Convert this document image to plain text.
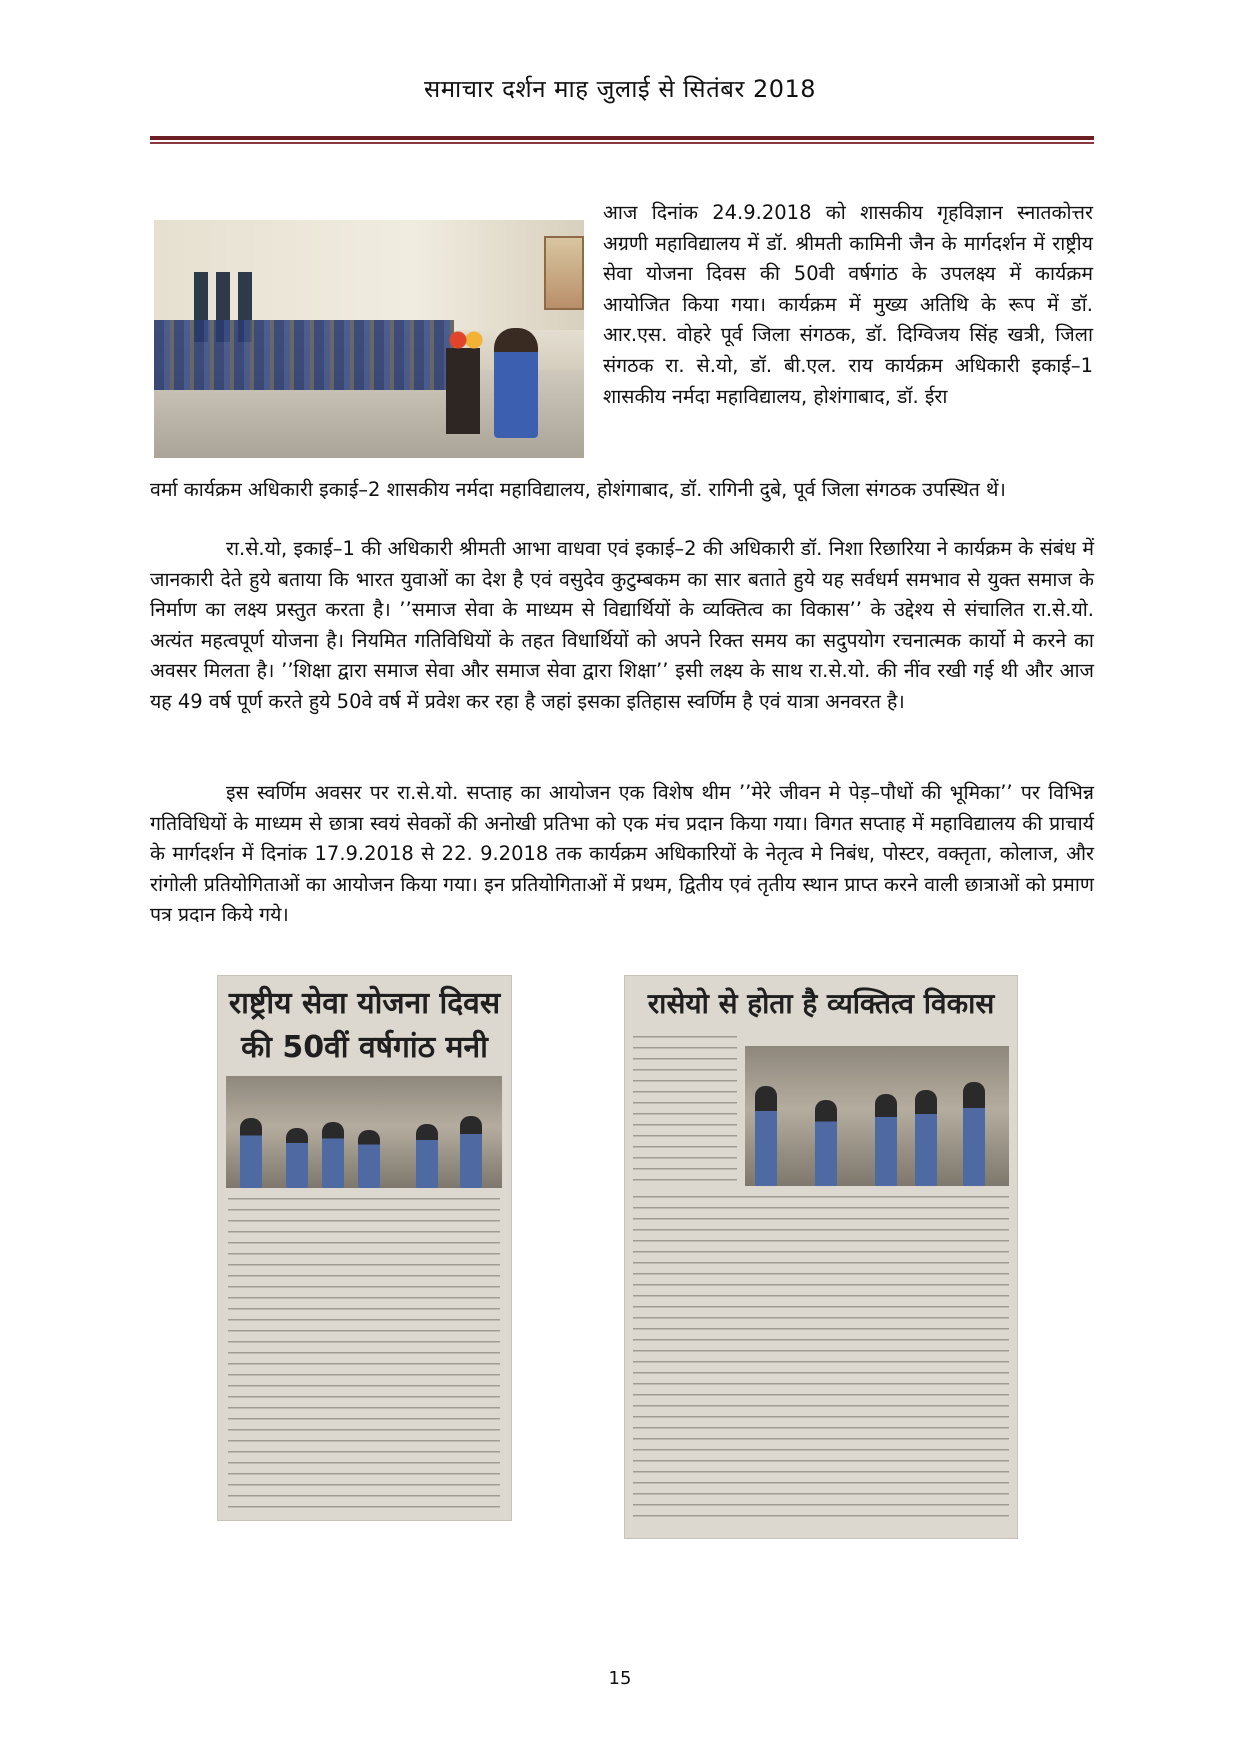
समाचार दर्शन माह जुलाई से सितंबर 2018

आज दिनांक 24.9.2018 को शासकीय गृहविज्ञान स्नातकोत्तर अग्रणी महाविद्यालय में डॉ. श्रीमती कामिनी जैन के मार्गदर्शन में राष्ट्रीय सेवा योजना दिवस की 50वी वर्षगांठ के उपलक्ष्य में कार्यक्रम आयोजित किया गया। कार्यक्रम में मुख्य अतिथि के रूप में डॉ. आर.एस. वोहरे पूर्व जिला संगठक, डॉ. दिग्विजय सिंह खत्री, जिला संगठक रा. से.यो, डॉ. बी.एल. राय कार्यक्रम अधिकारी इकाई–1 शासकीय नर्मदा महाविद्यालय, होशंगाबाद, डॉ. ईरा

वर्मा कार्यक्रम अधिकारी इकाई–2 शासकीय नर्मदा महाविद्यालय, होशंगाबाद, डॉ. रागिनी दुबे, पूर्व जिला संगठक उपस्थित थें।

रा.से.यो, इकाई–1 की अधिकारी श्रीमती आभा वाधवा एवं इकाई–2 की अधिकारी डॉ. निशा रिछारिया ने कार्यक्रम के संबंध में जानकारी देते हुये बताया कि भारत युवाओं का देश है एवं वसुदेव कुटुम्बकम का सार बताते हुये यह सर्वधर्म समभाव से युक्त समाज के निर्माण का लक्ष्य प्रस्तुत करता है। ’’समाज सेवा के माध्यम से विद्यार्थियों के व्यक्तित्व का विकास’’ के उद्देश्य से संचालित रा.से.यो. अत्यंत महत्वपूर्ण योजना है। नियमित गतिविधियों के तहत विधार्थियों को अपने रिक्त समय का सदुपयोग रचनात्मक कार्यो मे करने का अवसर मिलता है। ’’शिक्षा द्वारा समाज सेवा और समाज सेवा द्वारा शिक्षा’’ इसी लक्ष्य के साथ रा.से.यो. की नींव रखी गई थी और आज यह 49 वर्ष पूर्ण करते हुये 50वे वर्ष में प्रवेश कर रहा है जहां इसका इतिहास स्वर्णिम है एवं यात्रा अनवरत है।

इस स्वर्णिम अवसर पर रा.से.यो. सप्ताह का आयोजन एक विशेष थीम ’’मेरे जीवन मे पेड़–पौधों की भूमिका’’ पर विभिन्न गतिविधियों के माध्यम से छात्रा स्वयं सेवकों की अनोखी प्रतिभा को एक मंच प्रदान किया गया। विगत सप्ताह में महाविद्यालय की प्राचार्य के मार्गदर्शन में दिनांक 17.9.2018 से 22. 9.2018 तक कार्यक्रम अधिकारियों के नेतृत्व मे निबंध, पोस्टर, वक्तृता, कोलाज, और रांगोली प्रतियोगिताओं का आयोजन किया गया। इन प्रतियोगिताओं में प्रथम, द्वितीय एवं तृतीय स्थान प्राप्त करने वाली छात्राओं को प्रमाण पत्र प्रदान किये गये।

राष्ट्रीय सेवा योजना दिवस की 50वीं वर्षगांठ मनी
रासेयो से होता है व्यक्तित्व विकास
15
